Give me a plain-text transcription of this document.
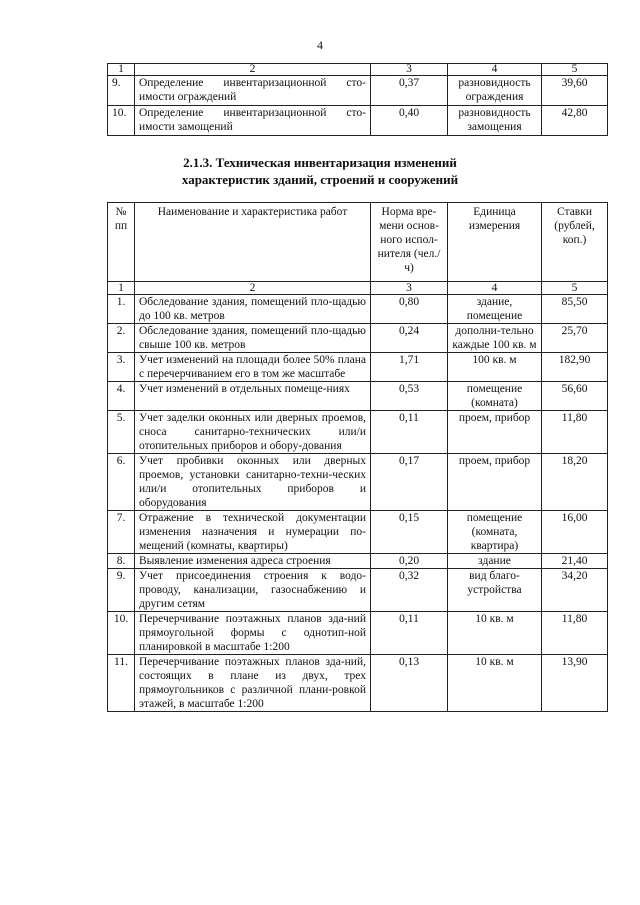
4
1	2	3	4	5
9.	Определение инвентаризационной сто-имости ограждений	0,37	разновидность ограждения	39,60
10.	Определение инвентаризационной сто-имости замощений	0,40	разновидность замощения	42,80
2.1.3. Техническая инвентаризация изменений
характеристик зданий, строений и сооружений
№ пп	Наименование и характеристика работ	Норма вре-мени основ-ного испол-нителя (чел./ч)	Единица измерения	Ставки (рублей, коп.)
1	2	3	4	5
1.	Обследование здания, помещений пло-щадью до 100 кв. метров	0,80	здание, помещение	85,50
2.	Обследование здания, помещений пло-щадью свыше 100 кв. метров	0,24	дополни-тельно каждые 100 кв. м	25,70
3.	Учет изменений на площади более 50% плана с перечерчиванием его в том же масштабе	1,71	100 кв. м	182,90
4.	Учет изменений в отдельных помеще-ниях	0,53	помещение (комната)	56,60
5.	Учет заделки оконных или дверных проемов, сноса санитарно-технических или/и отопительных приборов и обору-дования	0,11	проем, прибор	11,80
6.	Учет пробивки оконных или дверных проемов, установки санитарно-техни-ческих или/и отопительных приборов и оборудования	0,17	проем, прибор	18,20
7.	Отражение в технической документации изменения назначения и нумерации по-мещений (комнаты, квартиры)	0,15	помещение (комната, квартира)	16,00
8.	Выявление изменения адреса строения	0,20	здание	21,40
9.	Учет присоединения строения к водо-проводу, канализации, газоснабжению и другим сетям	0,32	вид благо-устройства	34,20
10.	Перечерчивание поэтажных планов зда-ний прямоугольной формы с однотип-ной планировкой в масштабе 1:200	0,11	10 кв. м	11,80
11.	Перечерчивание поэтажных планов зда-ний, состоящих в плане из двух, трех прямоугольников с различной плани-ровкой этажей, в масштабе 1:200	0,13	10 кв. м	13,90
